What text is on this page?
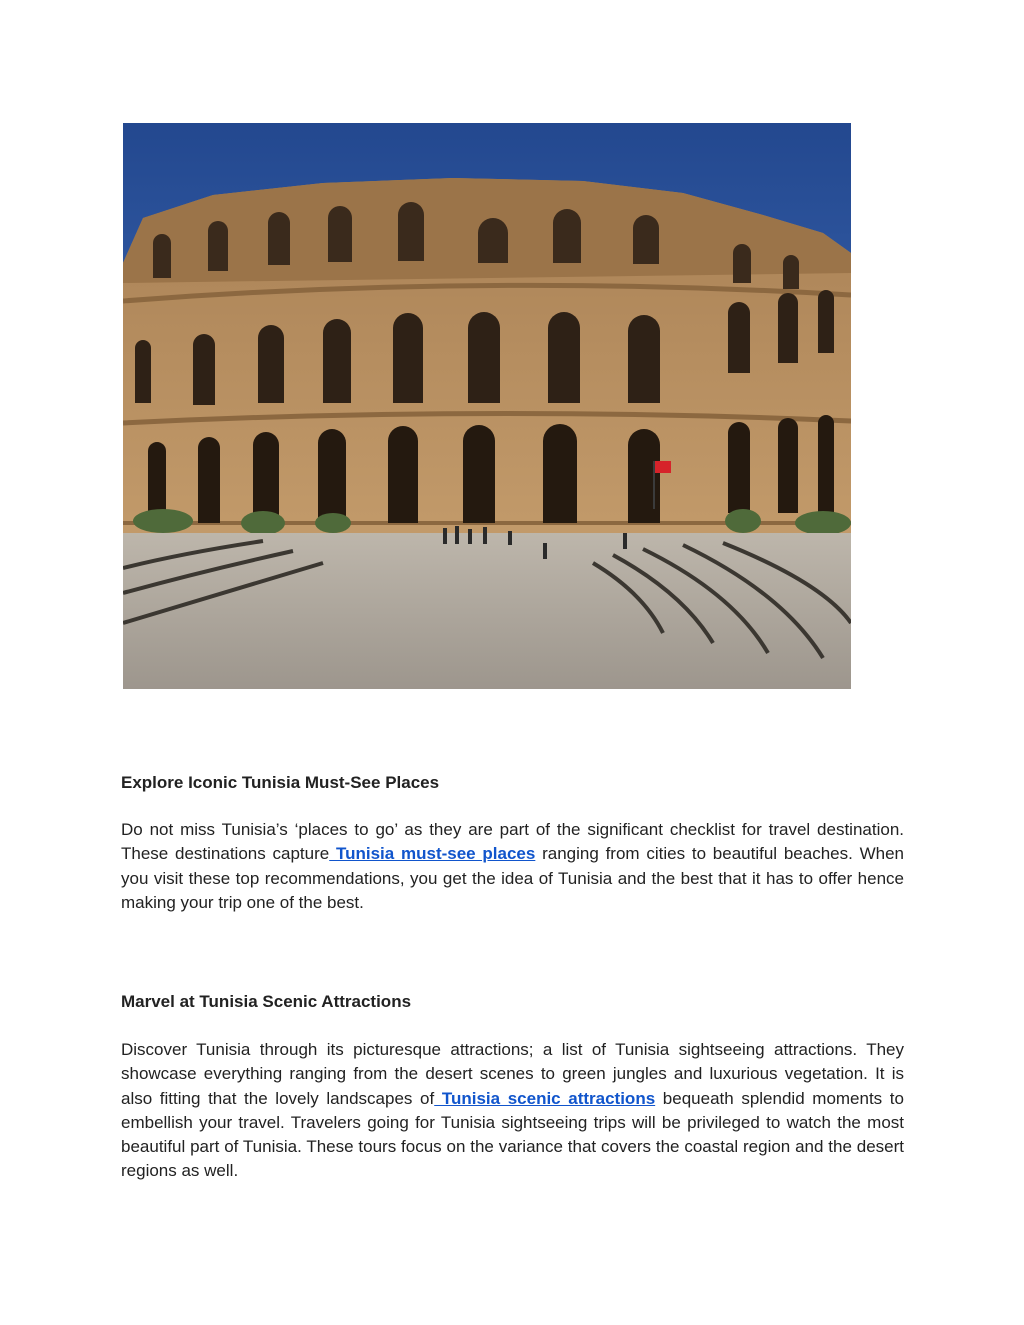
Explore Iconic Tunisia Must-See Places

Do not miss Tunisia’s ‘places to go’ as they are part of the significant checklist for travel destination. These destinations capture Tunisia must-see places ranging from cities to beautiful beaches. When you visit these top recommendations, you get the idea of Tunisia and the best that it has to offer hence making your trip one of the best.

Marvel at Tunisia Scenic Attractions

Discover Tunisia through its picturesque attractions; a list of Tunisia sightseeing attractions. They showcase everything ranging from the desert scenes to green jungles and luxurious vegetation. It is also fitting that the lovely landscapes of Tunisia scenic attractions bequeath splendid moments to embellish your travel. Travelers going for Tunisia sightseeing trips will be privileged to watch the most beautiful part of Tunisia. These tours focus on the variance that covers the coastal region and the desert regions as well.
